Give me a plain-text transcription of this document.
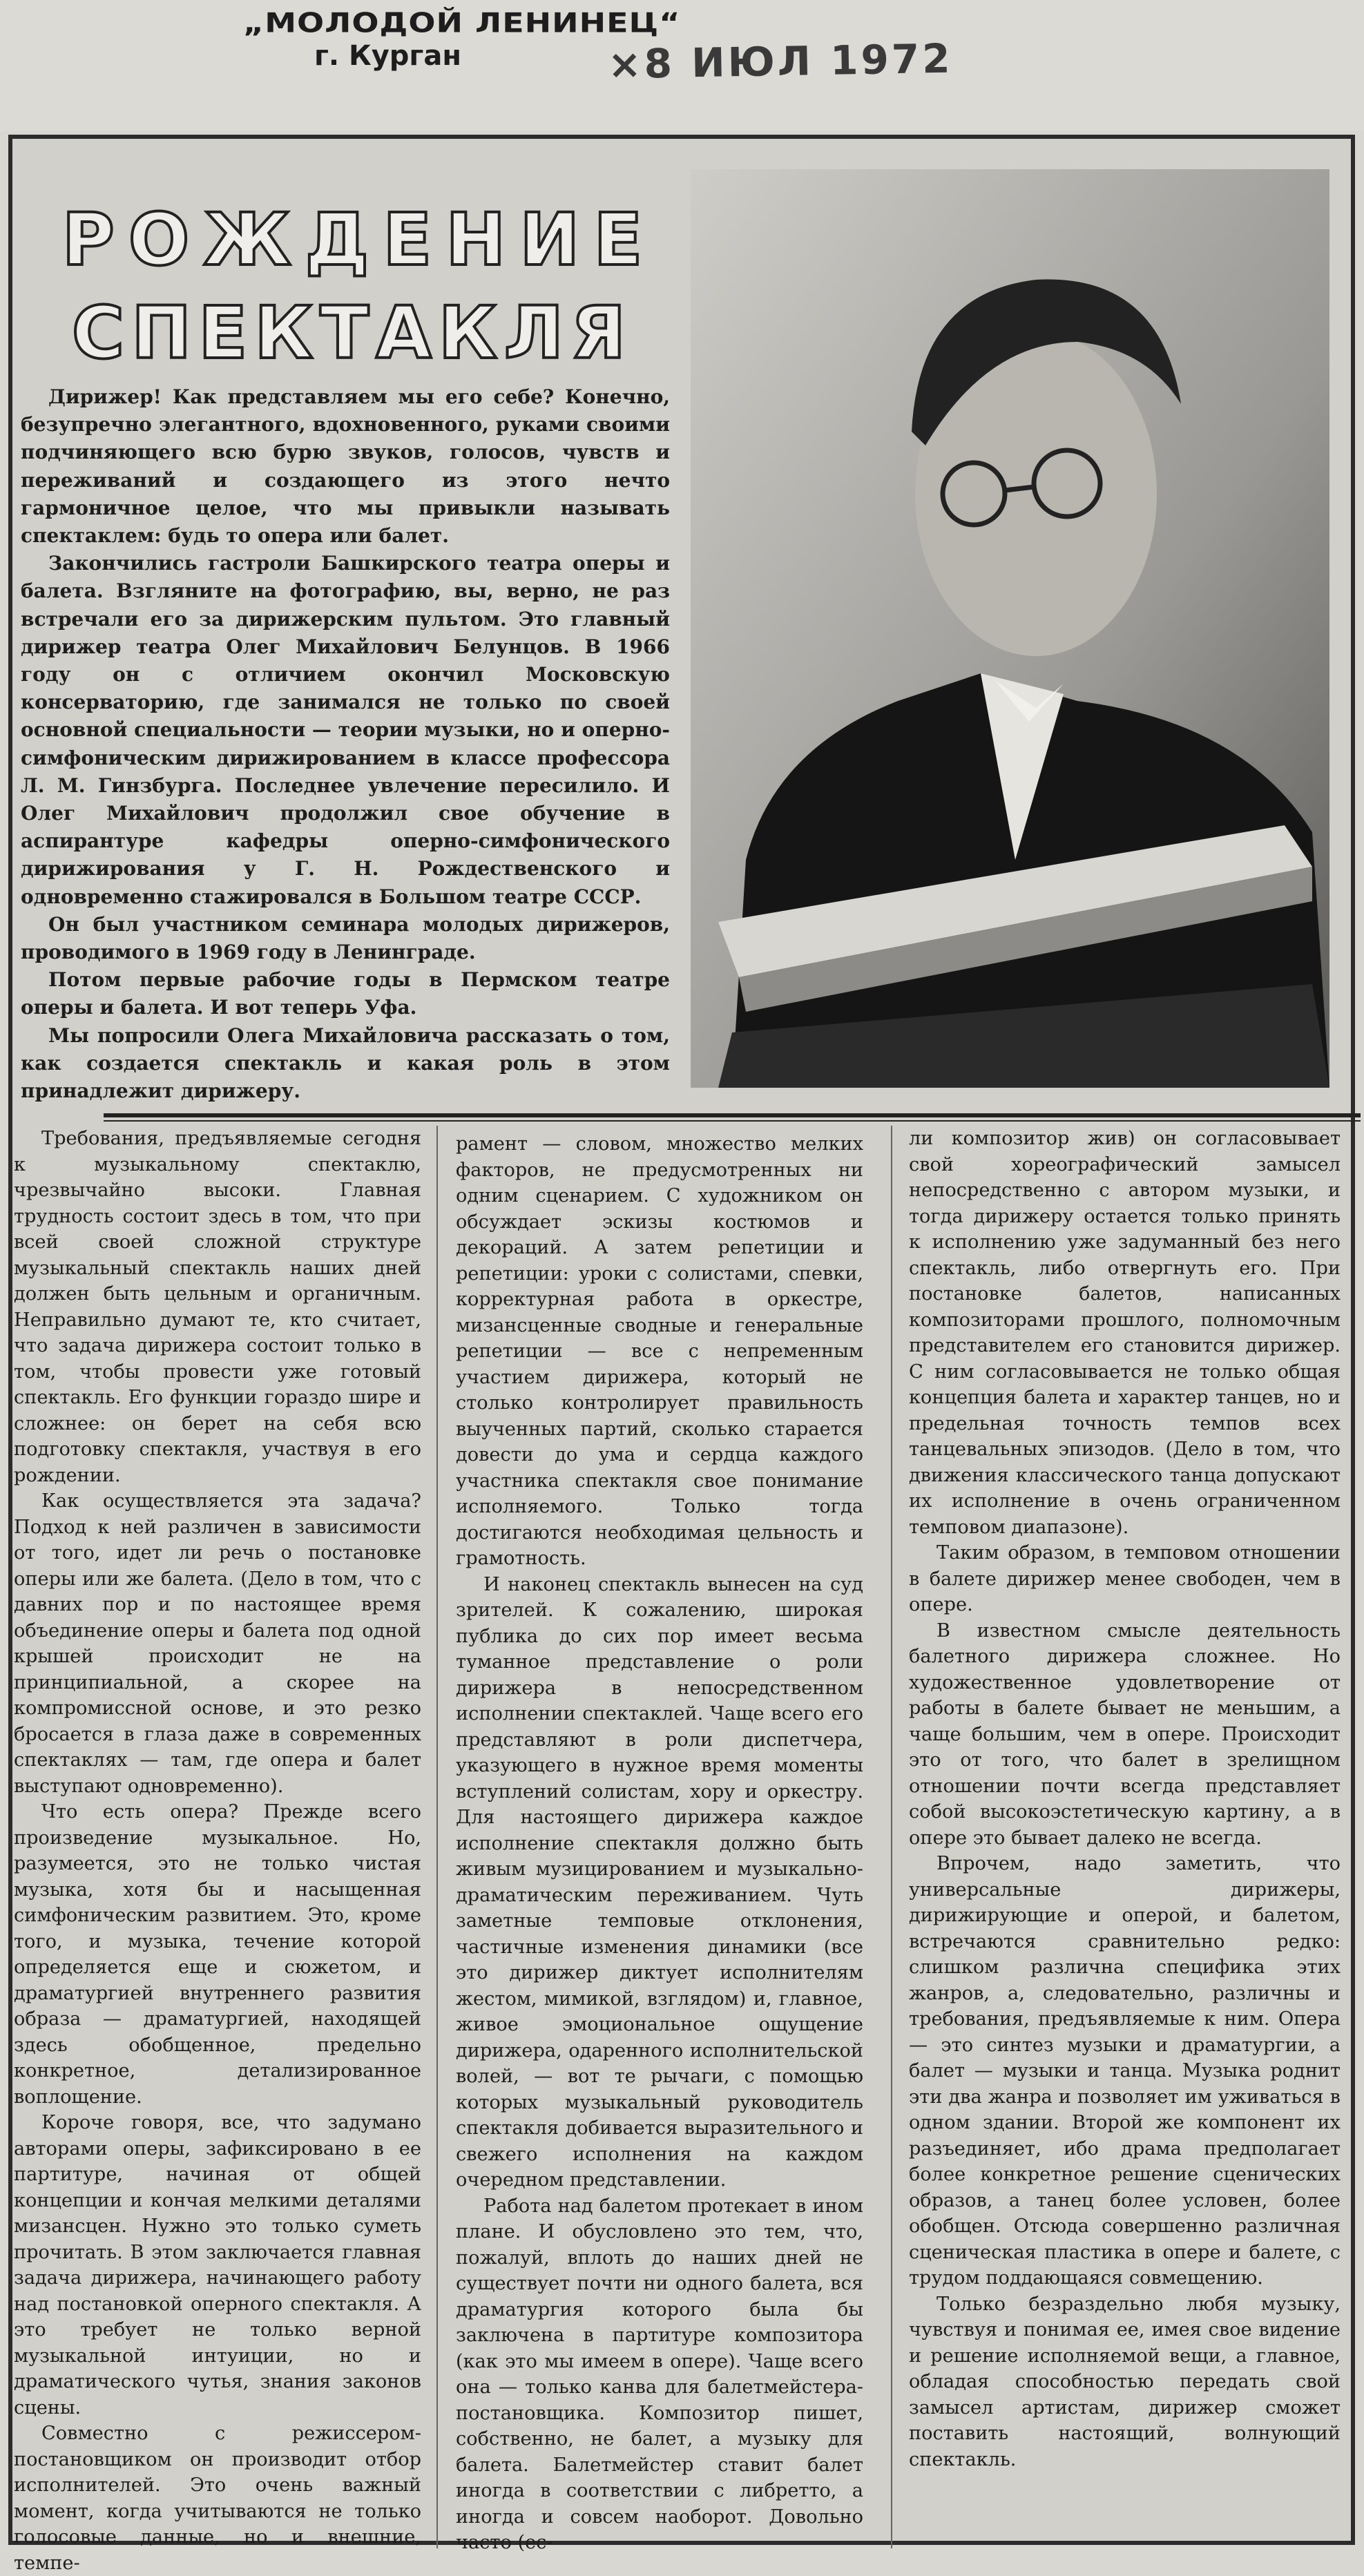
„МОЛОДОЙ ЛЕНИНЕЦ“
г. Курган	×8 ИЮЛ 1972
РОЖДЕНИЕ
СПЕКТАКЛЯ

Дирижер! Как представляем мы его себе? Конечно, безупречно элегантного, вдохновенного, руками своими подчиняющего всю бурю звуков, голосов, чувств и переживаний и создающего из этого нечто гармоничное целое, что мы привыкли называть спектаклем: будь то опера или балет.

Закончились гастроли Башкирского театра оперы и балета. Взгляните на фотографию, вы, верно, не раз встречали его за дирижерским пультом. Это главный дирижер театра Олег Михайлович Белунцов. В 1966 году он с отличием окончил Московскую консерваторию, где занимался не только по своей основной специальности — теории музыки, но и оперно-симфоническим дирижированием в классе профессора Л. М. Гинзбурга. Последнее увлечение пересилило. И Олег Михайлович продолжил свое обучение в аспирантуре кафедры оперно-симфонического дирижирования у Г. Н. Рождественского и одновременно стажировался в Большом театре СССР.

Он был участником семинара молодых дирижеров, проводимого в 1969 году в Ленинграде.

Потом первые рабочие годы в Пермском театре оперы и балета. И вот теперь Уфа.

Мы попросили Олега Михайловича рассказать о том, как создается спектакль и какая роль в этом принадлежит дирижеру.

Требования, предъявляемые сегодня к музыкальному спектаклю, чрезвычайно высоки. Главная трудность состоит здесь в том, что при всей своей сложной структуре музыкальный спектакль наших дней должен быть цельным и органичным. Неправильно думают те, кто считает, что задача дирижера состоит только в том, чтобы провести уже готовый спектакль. Его функции гораздо шире и сложнее: он берет на себя всю подготовку спектакля, участвуя в его рождении.

Как осуществляется эта задача? Подход к ней различен в зависимости от того, идет ли речь о постановке оперы или же балета. (Дело в том, что с давних пор и по настоящее время объединение оперы и балета под одной крышей происходит не на принципиальной, а скорее на компромиссной основе, и это резко бросается в глаза даже в современных спектаклях — там, где опера и балет выступают одновременно).

Что есть опера? Прежде всего произведение музыкальное. Но, разумеется, это не только чистая музыка, хотя бы и насыщенная симфоническим развитием. Это, кроме того, и музыка, течение которой определяется еще и сюжетом, и драматургией внутреннего развития образа — драматургией, находящей здесь обобщенное, предельно конкретное, детализированное воплощение.

Короче говоря, все, что задумано авторами оперы, зафиксировано в ее партитуре, начиная от общей концепции и кончая мелкими деталями мизансцен. Нужно это только суметь прочитать. В этом заключается главная задача дирижера, начинающего работу над постановкой оперного спектакля. А это требует не только верной музыкальной интуиции, но и драматического чутья, знания законов сцены.

Совместно с режиссером-постановщиком он производит отбор исполнителей. Это очень важный момент, когда учитываются не только голосовые данные, но и внешние, темпе-

рамент — словом, множество мелких факторов, не предусмотренных ни одним сценарием. С художником он обсуждает эскизы костюмов и декораций. А затем репетиции и репетиции: уроки с солистами, спевки, корректурная работа в оркестре, мизансценные сводные и генеральные репетиции — все с непременным участием дирижера, который не столько контролирует правильность выученных партий, сколько старается довести до ума и сердца каждого участника спектакля свое понимание исполняемого. Только тогда достигаются необходимая цельность и грамотность.

И наконец спектакль вынесен на суд зрителей. К сожалению, широкая публика до сих пор имеет весьма туманное представление о роли дирижера в непосредственном исполнении спектаклей. Чаще всего его представляют в роли диспетчера, указующего в нужное время моменты вступлений солистам, хору и оркестру. Для настоящего дирижера каждое исполнение спектакля должно быть живым музицированием и музыкально-драматическим переживанием. Чуть заметные темповые отклонения, частичные изменения динамики (все это дирижер диктует исполнителям жестом, мимикой, взглядом) и, главное, живое эмоциональное ощущение дирижера, одаренного исполнительской волей, — вот те рычаги, с помощью которых музыкальный руководитель спектакля добивается выразительного и свежего исполнения на каждом очередном представлении.

Работа над балетом протекает в ином плане. И обусловлено это тем, что, пожалуй, вплоть до наших дней не существует почти ни одного балета, вся драматургия которого была бы заключена в партитуре композитора (как это мы имеем в опере). Чаще всего она — только канва для балетмейстера-постановщика. Композитор пишет, собственно, не балет, а музыку для балета. Балетмейстер ставит балет иногда в соответствии с либретто, а иногда и совсем наоборот. Довольно часто (ес-

ли композитор жив) он согласовывает свой хореографический замысел непосредственно с автором музыки, и тогда дирижеру остается только принять к исполнению уже задуманный без него спектакль, либо отвергнуть его. При постановке балетов, написанных композиторами прошлого, полномочным представителем его становится дирижер. С ним согласовывается не только общая концепция балета и характер танцев, но и предельная точность темпов всех танцевальных эпизодов. (Дело в том, что движения классического танца допускают их исполнение в очень ограниченном темповом диапазоне).

Таким образом, в темповом отношении в балете дирижер менее свободен, чем в опере.

В известном смысле деятельность балетного дирижера сложнее. Но художественное удовлетворение от работы в балете бывает не меньшим, а чаще большим, чем в опере. Происходит это от того, что балет в зрелищном отношении почти всегда представляет собой высокоэстетическую картину, а в опере это бывает далеко не всегда.

Впрочем, надо заметить, что универсальные дирижеры, дирижирующие и оперой, и балетом, встречаются сравнительно редко: слишком различна специфика этих жанров, а, следовательно, различны и требования, предъявляемые к ним. Опера — это синтез музыки и драматургии, а балет — музыки и танца. Музыка роднит эти два жанра и позволяет им уживаться в одном здании. Второй же компонент их разъединяет, ибо драма предполагает более конкретное решение сценических образов, а танец более условен, более обобщен. Отсюда совершенно различная сценическая пластика в опере и балете, с трудом поддающаяся совмещению.

Только безраздельно любя музыку, чувствуя и понимая ее, имея свое видение и решение исполняемой вещи, а главное, обладая способностью передать свой замысел артистам, дирижер сможет поставить настоящий, волнующий спектакль.
